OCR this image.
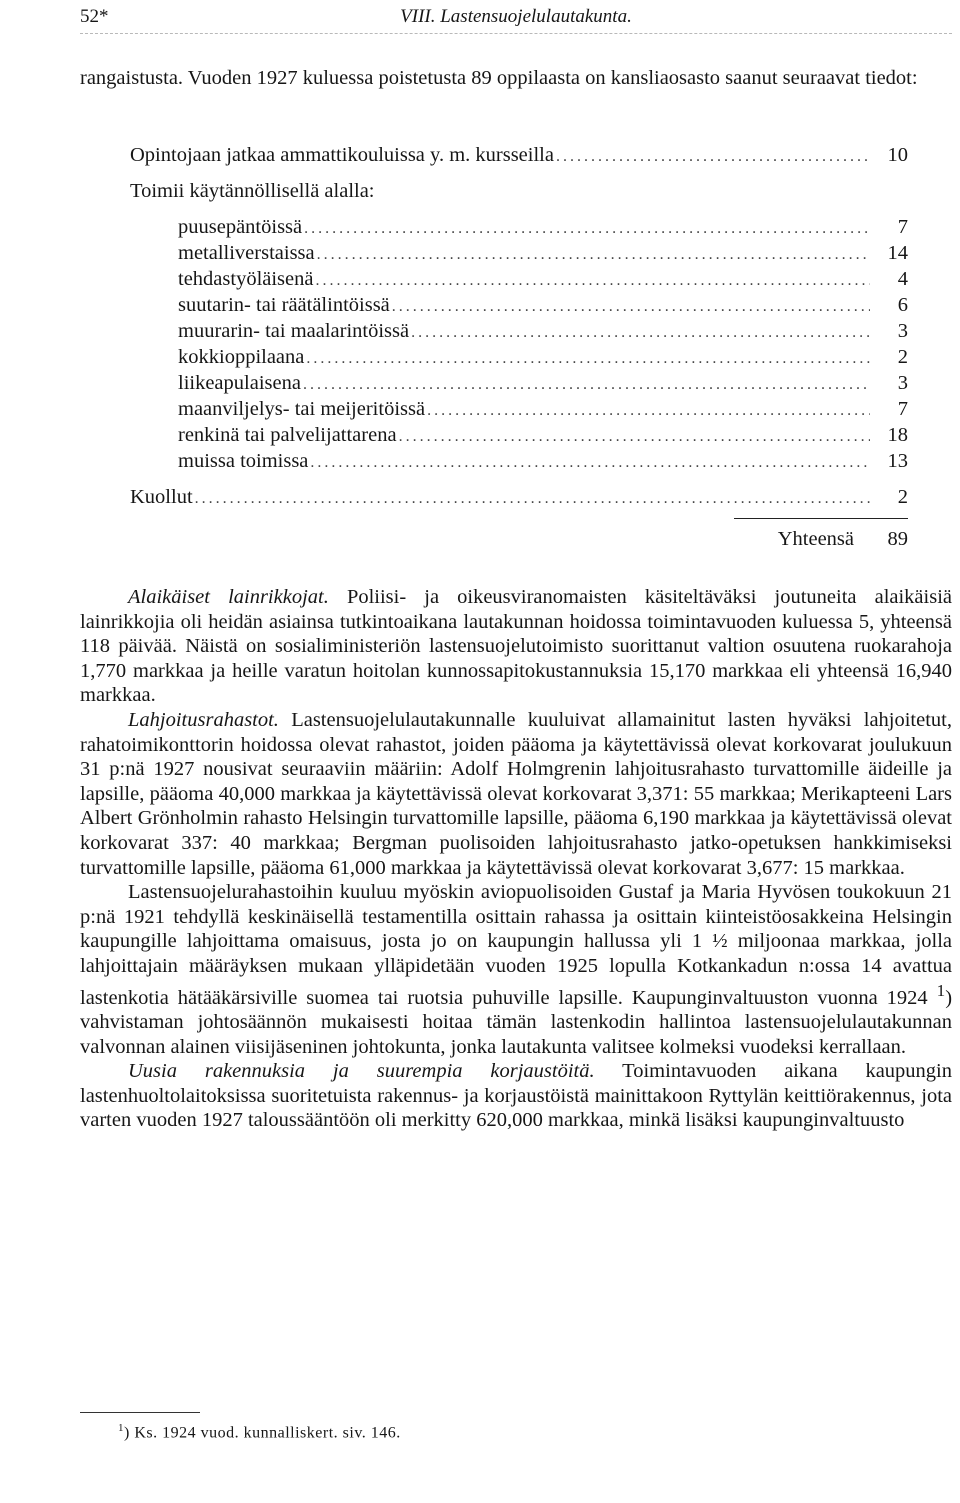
52*	VIII. Lastensuojelulautakunta.
rangaistusta. Vuoden 1927 kuluessa poistetusta 89 oppilaasta on kansliaosasto saanut seuraavat tiedot:
Opintojaan jatkaa ammattikouluissa y. m. kursseilla .....	10
Toimii käytännöllisellä alalla:
puusepäntöissä .....	7
metalliverstaissa .....	14
tehdastyöläisenä .....	4
suutarin- tai räätälintöissä .....	6
muurarin- tai maalarintöissä .....	3
kokkioppilaana .....	2
liikeapulaisena .....	3
maanviljelys- tai meijeritöissä .....	7
renkinä tai palvelijattarena .....	18
muissa toimissa .....	13
Kuollut .....	2
Yhteensä 89

Alaikäiset lainrikkojat. Poliisi- ja oikeusviranomaisten käsiteltäväksi joutuneita alaikäisiä lainrikkojia oli heidän asiainsa tutkintoaikana lautakunnan hoidossa toimintavuoden kuluessa 5, yhteensä 118 päivää. Näistä on sosialiministeriön lastensuojelutoimisto suorittanut valtion osuutena ruokarahoja 1,770 markkaa ja heille varatun hoitolan kunnossapitokustannuksia 15,170 markkaa eli yhteensä 16,940 markkaa.

Lahjoitusrahastot. Lastensuojelulautakunnalle kuuluivat allamainitut lasten hyväksi lahjoitetut, rahatoimikonttorin hoidossa olevat rahastot, joiden pääoma ja käytettävissä olevat korkovarat joulukuun 31 p:nä 1927 nousivat seuraaviin määriin: Adolf Holmgrenin lahjoitusrahasto turvattomille äideille ja lapsille, pääoma 40,000 markkaa ja käytettävissä olevat korkovarat 3,371: 55 markkaa; Merikapteeni Lars Albert Grönholmin rahasto Helsingin turvattomille lapsille, pääoma 6,190 markkaa ja käytettävissä olevat korkovarat 337: 40 markkaa; Bergman puolisoiden lahjoitusrahasto jatko-opetuksen hankkimiseksi turvattomille lapsille, pääoma 61,000 markkaa ja käytettävissä olevat korkovarat 3,677: 15 markkaa.

Lastensuojelurahastoihin kuuluu myöskin aviopuolisoiden Gustaf ja Maria Hyvösen toukokuun 21 p:nä 1921 tehdyllä keskinäisellä testamentilla osittain rahassa ja osittain kiinteistöosakkeina Helsingin kaupungille lahjoittama omaisuus, josta jo on kaupungin hallussa yli 1 ½ miljoonaa markkaa, jolla lahjoittajain määräyksen mukaan ylläpidetään vuoden 1925 lopulla Kotkankadun n:ossa 14 avattua lastenkotia hätääkärsiville suomea tai ruotsia puhuville lapsille. Kaupunginvaltuuston vuonna 1924 $^1$) vahvistaman johtosäännön mukaisesti hoitaa tämän lastenkodin hallintoa lastensuojelulautakunnan valvonnan alainen viisijäseninen johtokunta, jonka lautakunta valitsee kolmeksi vuodeksi kerrallaan.

Uusia rakennuksia ja suurempia korjaustöitä. Toimintavuoden aikana kaupungin lastenhuoltolaitoksissa suoritetuista rakennus- ja korjaustöistä mainittakoon Ryttylän keittiörakennus, jota varten vuoden 1927 taloussääntöön oli merkitty 620,000 markkaa, minkä lisäksi kaupunginvaltuusto

$^1$) Ks. 1924 vuod. kunnalliskert. siv. 146.
